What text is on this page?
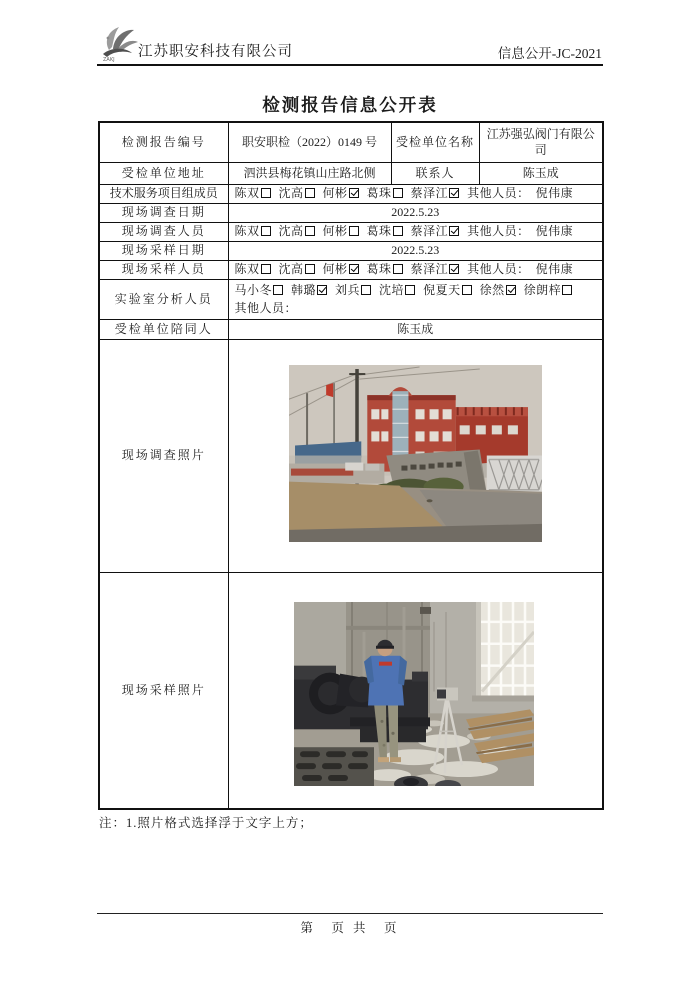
ZAKJ 江苏职安科技有限公司	信息公开-JC-2021
检测报告信息公开表
检测报告编号	职安职检（2022）0149 号	受检单位名称	江苏强弘阀门有限公司
受检单位地址	泗洪县梅花镇山庄路北侧	联系人	陈玉成
技术服务项目组成员	陈双 沈高 何彬 葛珠 蔡泽江 其他人员： 倪伟康		
现场调查日期	2022.5.23		
现场调查人员	陈双 沈高 何彬 葛珠 蔡泽江 其他人员： 倪伟康		
现场采样日期	2022.5.23		
现场采样人员	陈双 沈高 何彬 葛珠 蔡泽江 其他人员： 倪伟康		
实验室分析人员	马小冬 韩璐 刘兵 沈培 倪夏天 徐然 徐朗梓
其他人员：		

受检单位陪同人	陈玉成		
现场调查照片	

现场采样照片	
注：1.照片格式选择浮于文字上方；
第　页 共　页
